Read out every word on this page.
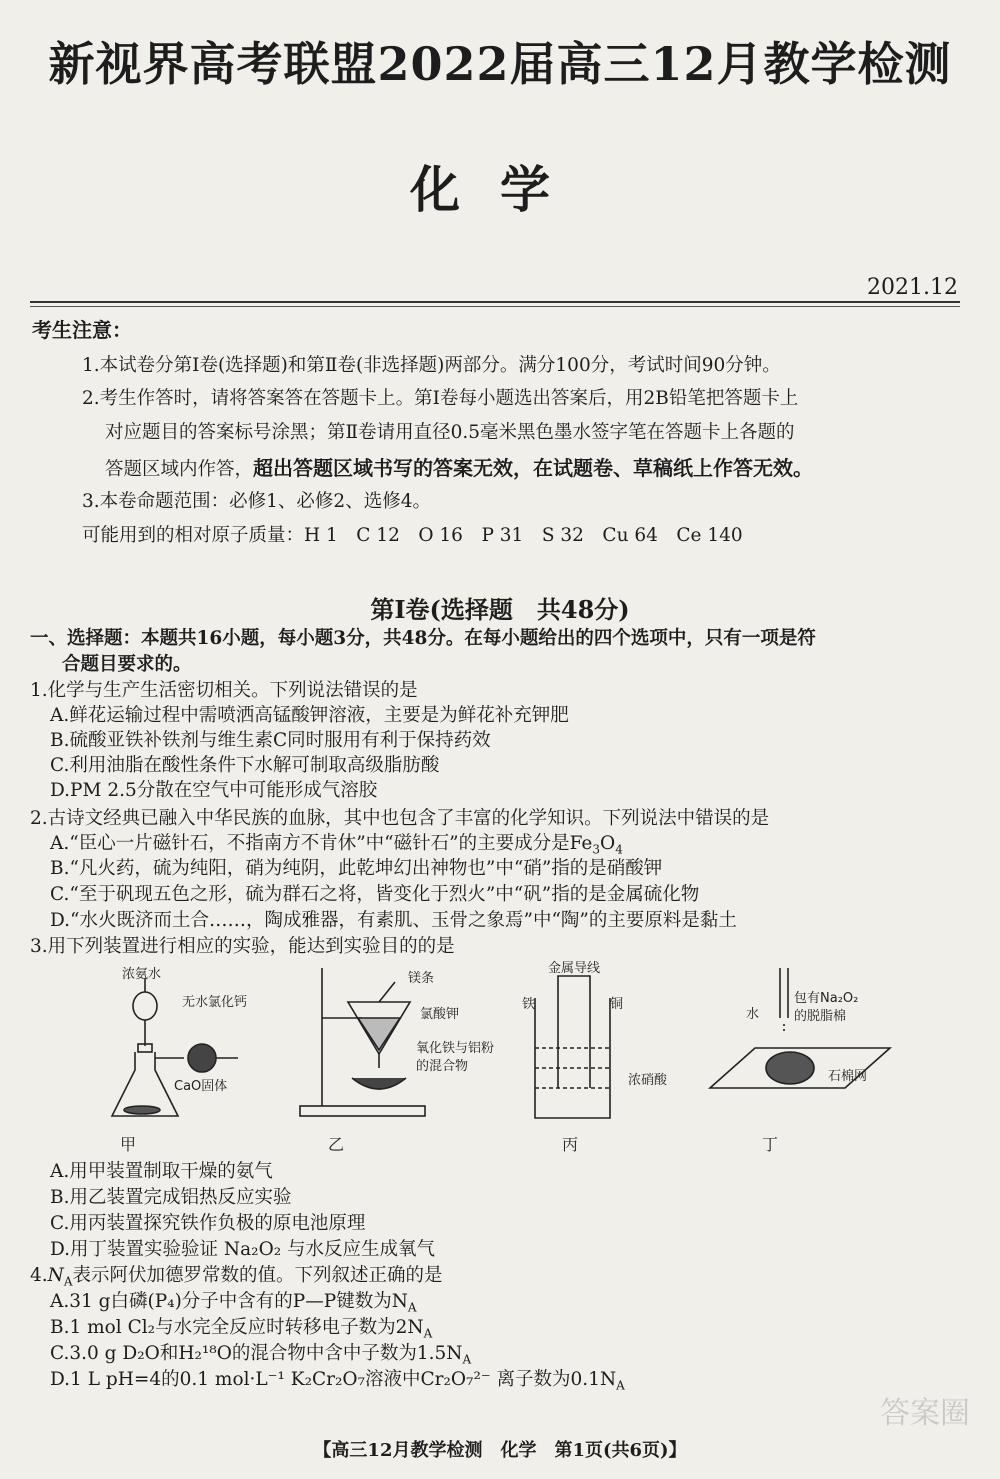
新视界高考联盟2022届高三12月教学检测
化学
2021.12
考生注意：
1.本试卷分第Ⅰ卷(选择题)和第Ⅱ卷(非选择题)两部分。满分100分，考试时间90分钟。
2.考生作答时，请将答案答在答题卡上。第Ⅰ卷每小题选出答案后，用2B铅笔把答题卡上
对应题目的答案标号涂黑；第Ⅱ卷请用直径0.5毫米黑色墨水签字笔在答题卡上各题的
答题区域内作答，超出答题区域书写的答案无效，在试题卷、草稿纸上作答无效。
3.本卷命题范围：必修1、必修2、选修4。
可能用到的相对原子质量：H 1　C 12　O 16　P 31　S 32　Cu 64　Ce 140
第Ⅰ卷(选择题　共48分)
一、选择题：本题共16小题，每小题3分，共48分。在每小题给出的四个选项中，只有一项是符
合题目要求的。
1.化学与生产生活密切相关。下列说法错误的是
A.鲜花运输过程中需喷洒高锰酸钾溶液，主要是为鲜花补充钾肥
B.硫酸亚铁补铁剂与维生素C同时服用有利于保持药效
C.利用油脂在酸性条件下水解可制取高级脂肪酸
D.PM 2.5分散在空气中可能形成气溶胶
2.古诗文经典已融入中华民族的血脉，其中也包含了丰富的化学知识。下列说法中错误的是
A.“臣心一片磁针石，不指南方不肯休”中“磁针石”的主要成分是$Fe_3O_4$
B.“凡火药，硫为纯阳，硝为纯阴，此乾坤幻出神物也”中“硝”指的是硝酸钾
C.“至于矾现五色之形，硫为群石之将，皆变化于烈火”中“矾”指的是金属硫化物
D.“水火既济而土合……，陶成雅器，有素肌、玉骨之象焉”中“陶”的主要原料是黏土
3.用下列装置进行相应的实验，能达到实验目的的是
浓氨水
无水氯化钙
CaO固体
镁条
氯酸钾
氧化铁与铝粉
的混合物
金属导线
铁	铜
浓硝酸
水
包有Na₂O₂
的脱脂棉
石棉网
甲	乙	丙	丁
A.用甲装置制取干燥的氨气
B.用乙装置完成铝热反应实验
C.用丙装置探究铁作负极的原电池原理
D.用丁装置实验验证 Na₂O₂ 与水反应生成氧气
$4.N_A$表示阿伏加德罗常数的值。下列叙述正确的是
A.31 g白磷(P₄)分子中含有的P—P键数为$N_A$
B.1 mol Cl₂与水完全反应时转移电子数为$2N_A$
C.3.0 g D₂O和H₂¹⁸O的混合物中含中子数为$1.5N_A$
D.1 L pH=4的0.1 mol·L⁻¹ K₂Cr₂O₇溶液中Cr₂O₇²⁻ 离子数为$0.1N_A$
【高三12月教学检测　化学　第1页(共6页)】
答案圈
